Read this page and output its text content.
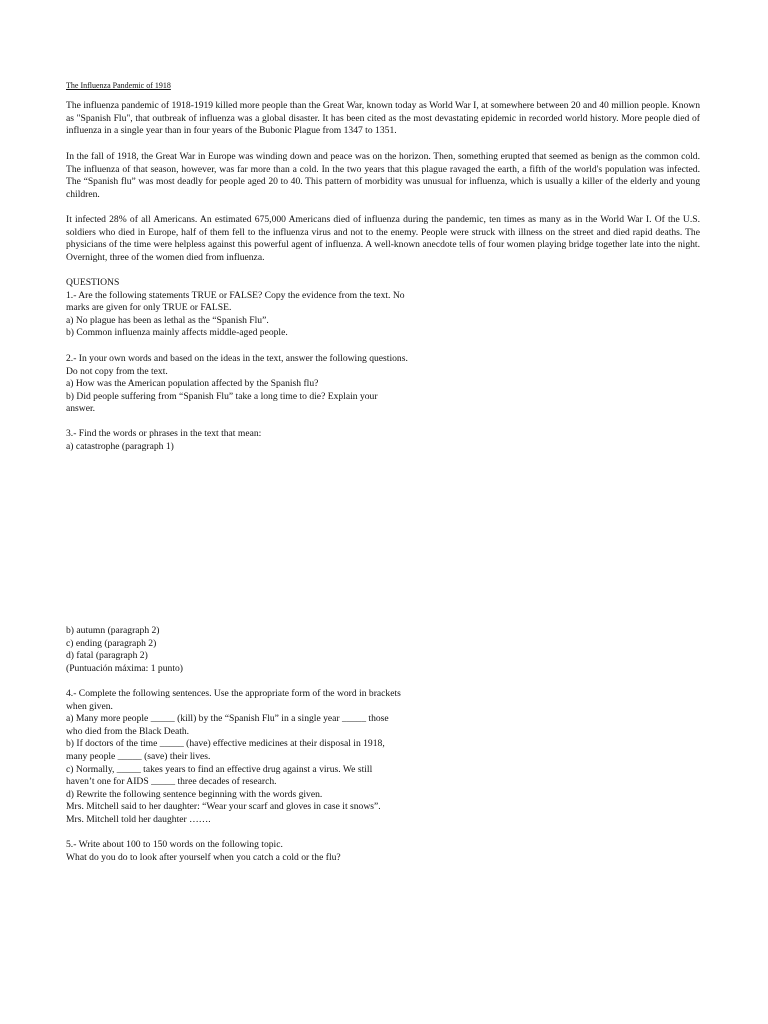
The Influenza Pandemic of 1918

The influenza pandemic of 1918-1919 killed more people than the Great War, known today as World War I, at somewhere between 20 and 40 million people. Known as "Spanish Flu", that outbreak of influenza was a global disaster. It has been cited as the most devastating epidemic in recorded world history. More people died of influenza in a single year than in four years of the Bubonic Plague from 1347 to 1351.

In the fall of 1918, the Great War in Europe was winding down and peace was on the horizon. Then, something erupted that seemed as benign as the common cold. The influenza of that season, however, was far more than a cold. In the two years that this plague ravaged the earth, a fifth of the world's population was infected. The “Spanish flu” was most deadly for people aged 20 to 40. This pattern of morbidity was unusual for influenza, which is usually a killer of the elderly and young children.

It infected 28% of all Americans. An estimated 675,000 Americans died of influenza during the pandemic, ten times as many as in the World War I. Of the U.S. soldiers who died in Europe, half of them fell to the influenza virus and not to the enemy. People were struck with illness on the street and died rapid deaths. The physicians of the time were helpless against this powerful agent of influenza. A well-known anecdote tells of four women playing bridge together late into the night. Overnight, three of the women died from influenza.

QUESTIONS
1.- Are the following statements TRUE or FALSE? Copy the evidence from the text. No
marks are given for only TRUE or FALSE.
a) No plague has been as lethal as the “Spanish Flu”.
b) Common influenza mainly affects middle-aged people.
2.- In your own words and based on the ideas in the text, answer the following questions.
Do not copy from the text.
a) How was the American population affected by the Spanish flu?
b) Did people suffering from “Spanish Flu” take a long time to die? Explain your
answer.
3.- Find the words or phrases in the text that mean:
a) catastrophe (paragraph 1)
b) autumn (paragraph 2)
c) ending (paragraph 2)
d) fatal (paragraph 2)
(Puntuación máxima: 1 punto)
4.- Complete the following sentences. Use the appropriate form of the word in brackets
when given.
a) Many more people _____ (kill) by the “Spanish Flu” in a single year _____ those
who died from the Black Death.
b) If doctors of the time _____ (have) effective medicines at their disposal in 1918,
many people _____ (save) their lives.
c) Normally, _____ takes years to find an effective drug against a virus. We still
haven’t one for AIDS _____ three decades of research.
d) Rewrite the following sentence beginning with the words given.
Mrs. Mitchell said to her daughter: “Wear your scarf and gloves in case it snows”.
Mrs. Mitchell told her daughter …….
5.- Write about 100 to 150 words on the following topic.
What do you do to look after yourself when you catch a cold or the flu?
